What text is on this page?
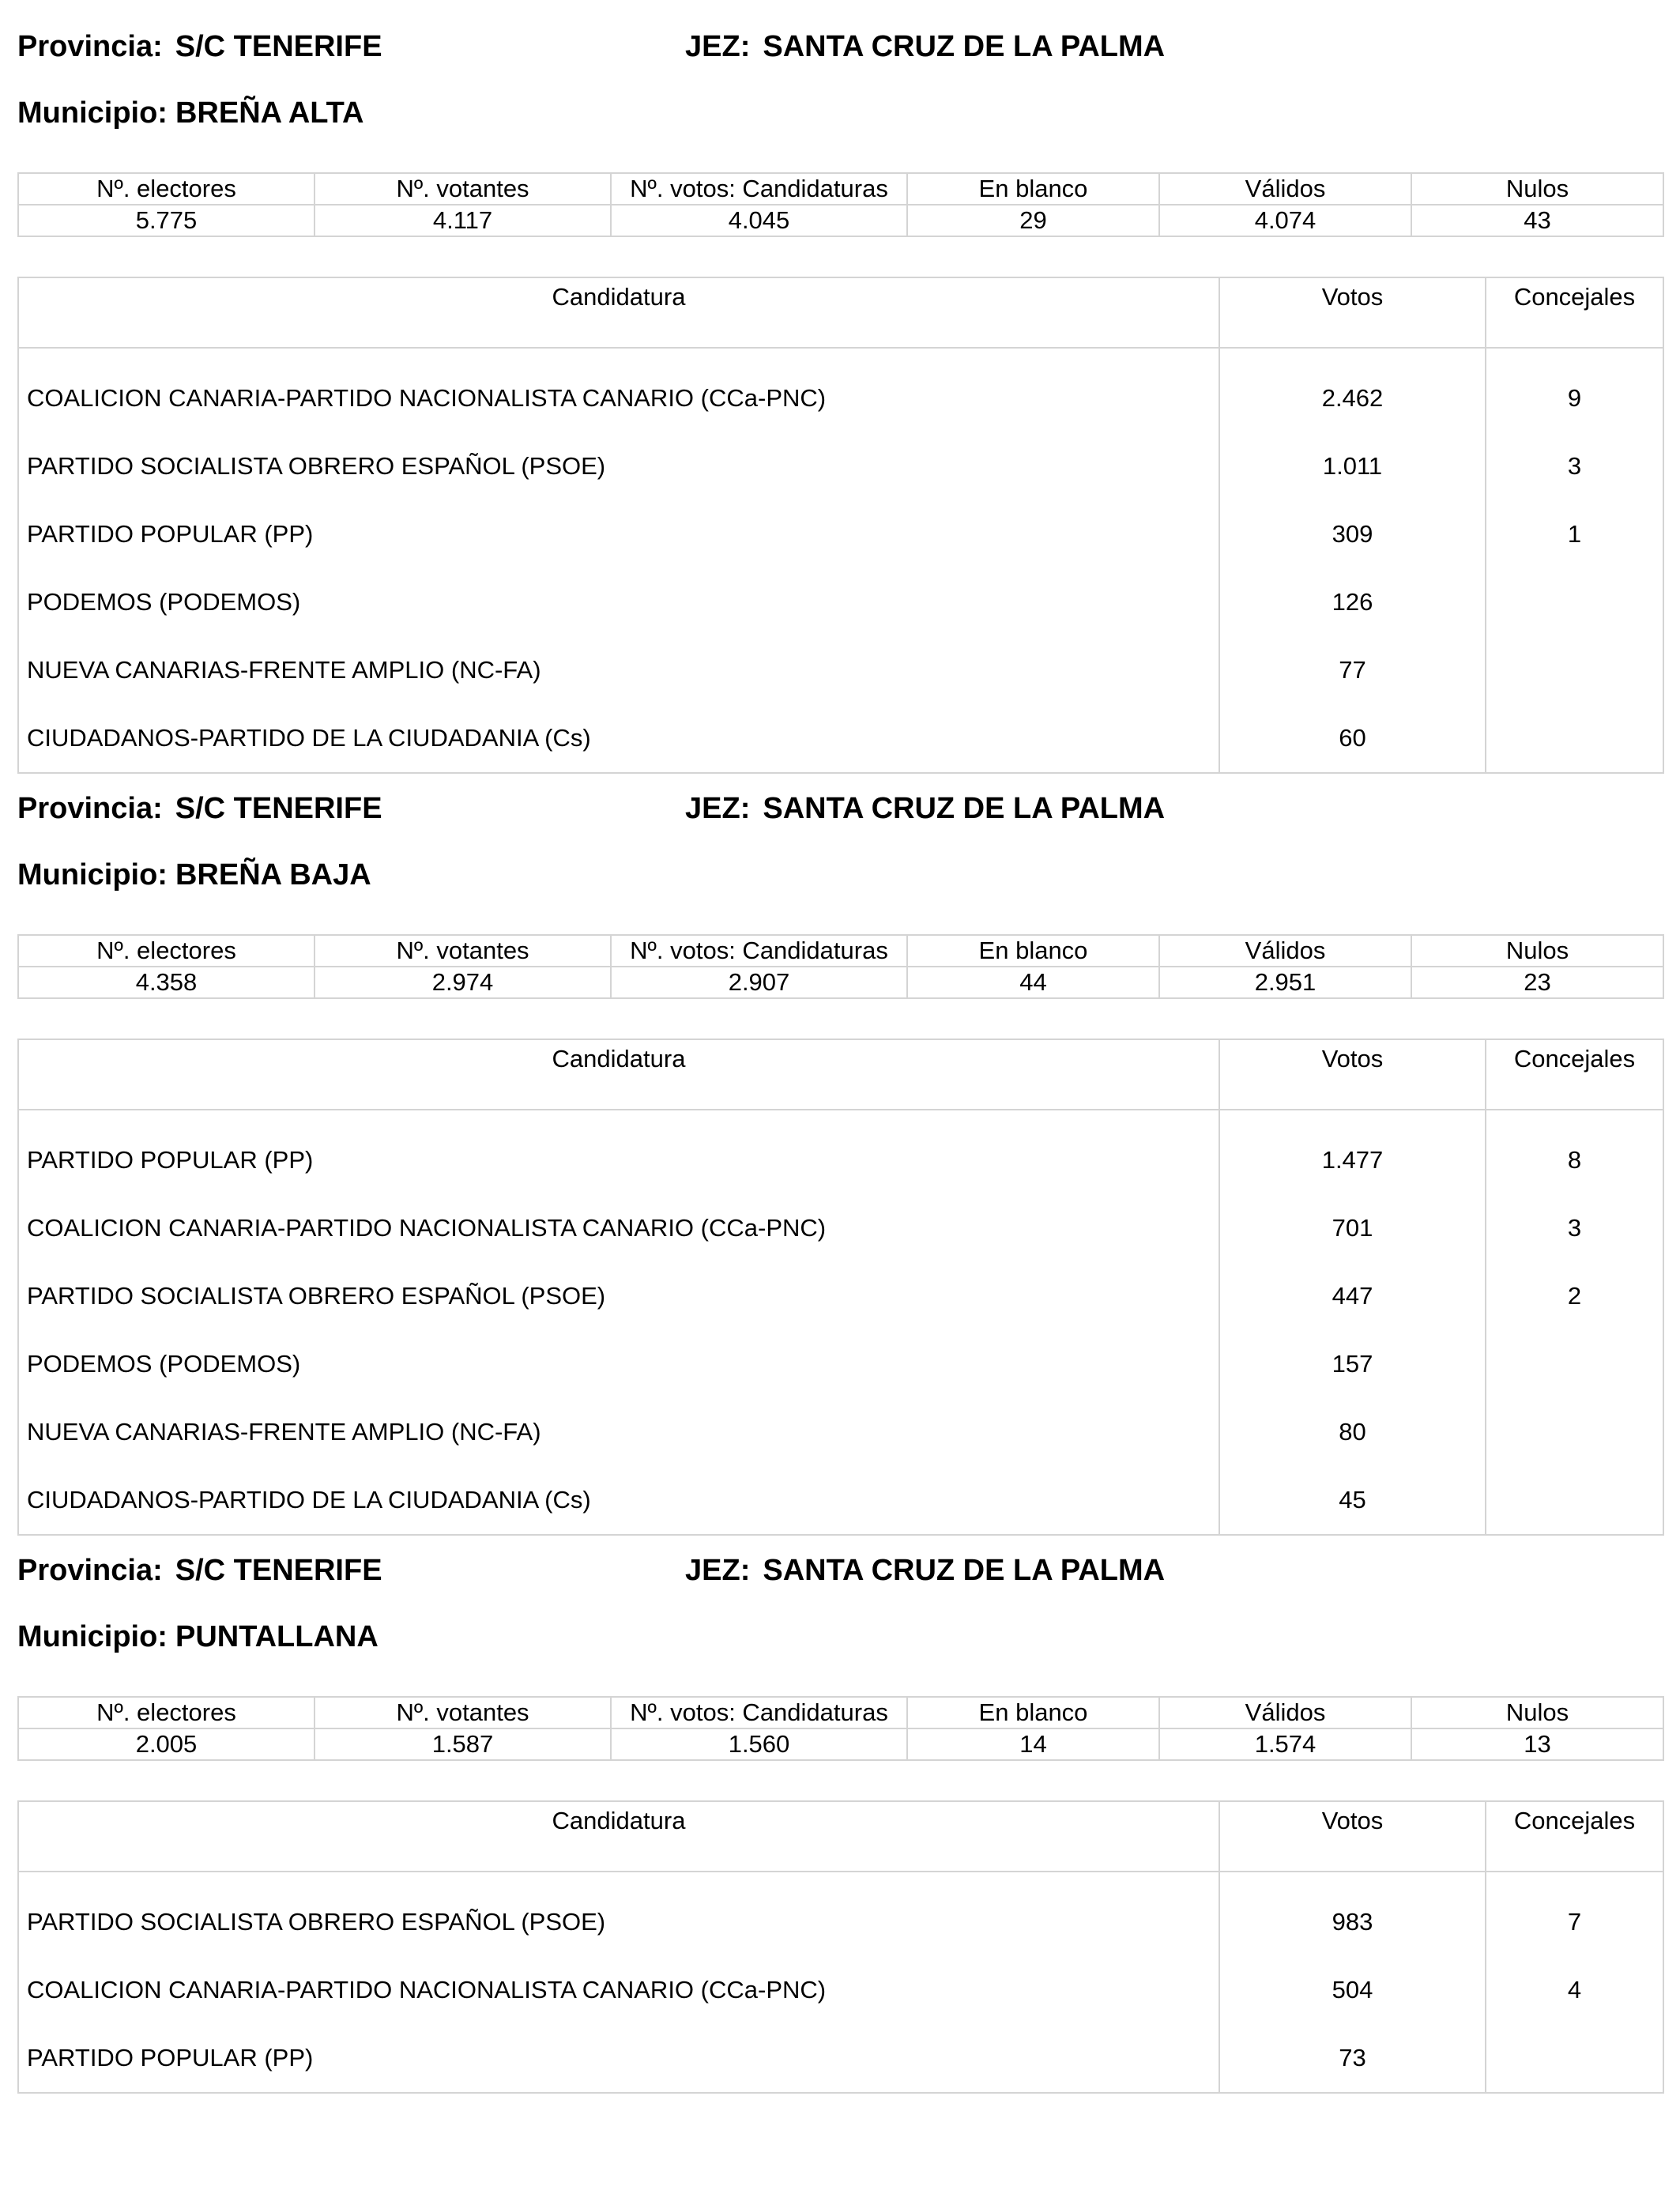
Provincia: S/C TENERIFE	JEZ: SANTA CRUZ DE LA PALMA
Municipio: BREÑA ALTA
Nº. electores	Nº. votantes	Nº. votos: Candidaturas	En blanco	Válidos	Nulos
5.775	4.117	4.045	29	4.074	43
Candidatura	Votos	Concejales
COALICION CANARIA-PARTIDO NACIONALISTA CANARIO (CCa-PNC)	2.462	9
PARTIDO SOCIALISTA OBRERO ESPAÑOL (PSOE)	1.011	3
PARTIDO POPULAR (PP)	309	1
PODEMOS (PODEMOS)	126	
NUEVA CANARIAS-FRENTE AMPLIO (NC-FA)	77	
CIUDADANOS-PARTIDO DE LA CIUDADANIA (Cs)	60	
Provincia: S/C TENERIFE	JEZ: SANTA CRUZ DE LA PALMA
Municipio: BREÑA BAJA
Nº. electores	Nº. votantes	Nº. votos: Candidaturas	En blanco	Válidos	Nulos
4.358	2.974	2.907	44	2.951	23
Candidatura	Votos	Concejales
PARTIDO POPULAR (PP)	1.477	8
COALICION CANARIA-PARTIDO NACIONALISTA CANARIO (CCa-PNC)	701	3
PARTIDO SOCIALISTA OBRERO ESPAÑOL (PSOE)	447	2
PODEMOS (PODEMOS)	157	
NUEVA CANARIAS-FRENTE AMPLIO (NC-FA)	80	
CIUDADANOS-PARTIDO DE LA CIUDADANIA (Cs)	45	
Provincia: S/C TENERIFE	JEZ: SANTA CRUZ DE LA PALMA
Municipio: PUNTALLANA
Nº. electores	Nº. votantes	Nº. votos: Candidaturas	En blanco	Válidos	Nulos
2.005	1.587	1.560	14	1.574	13
Candidatura	Votos	Concejales
PARTIDO SOCIALISTA OBRERO ESPAÑOL (PSOE)	983	7
COALICION CANARIA-PARTIDO NACIONALISTA CANARIO (CCa-PNC)	504	4
PARTIDO POPULAR (PP)	73	
